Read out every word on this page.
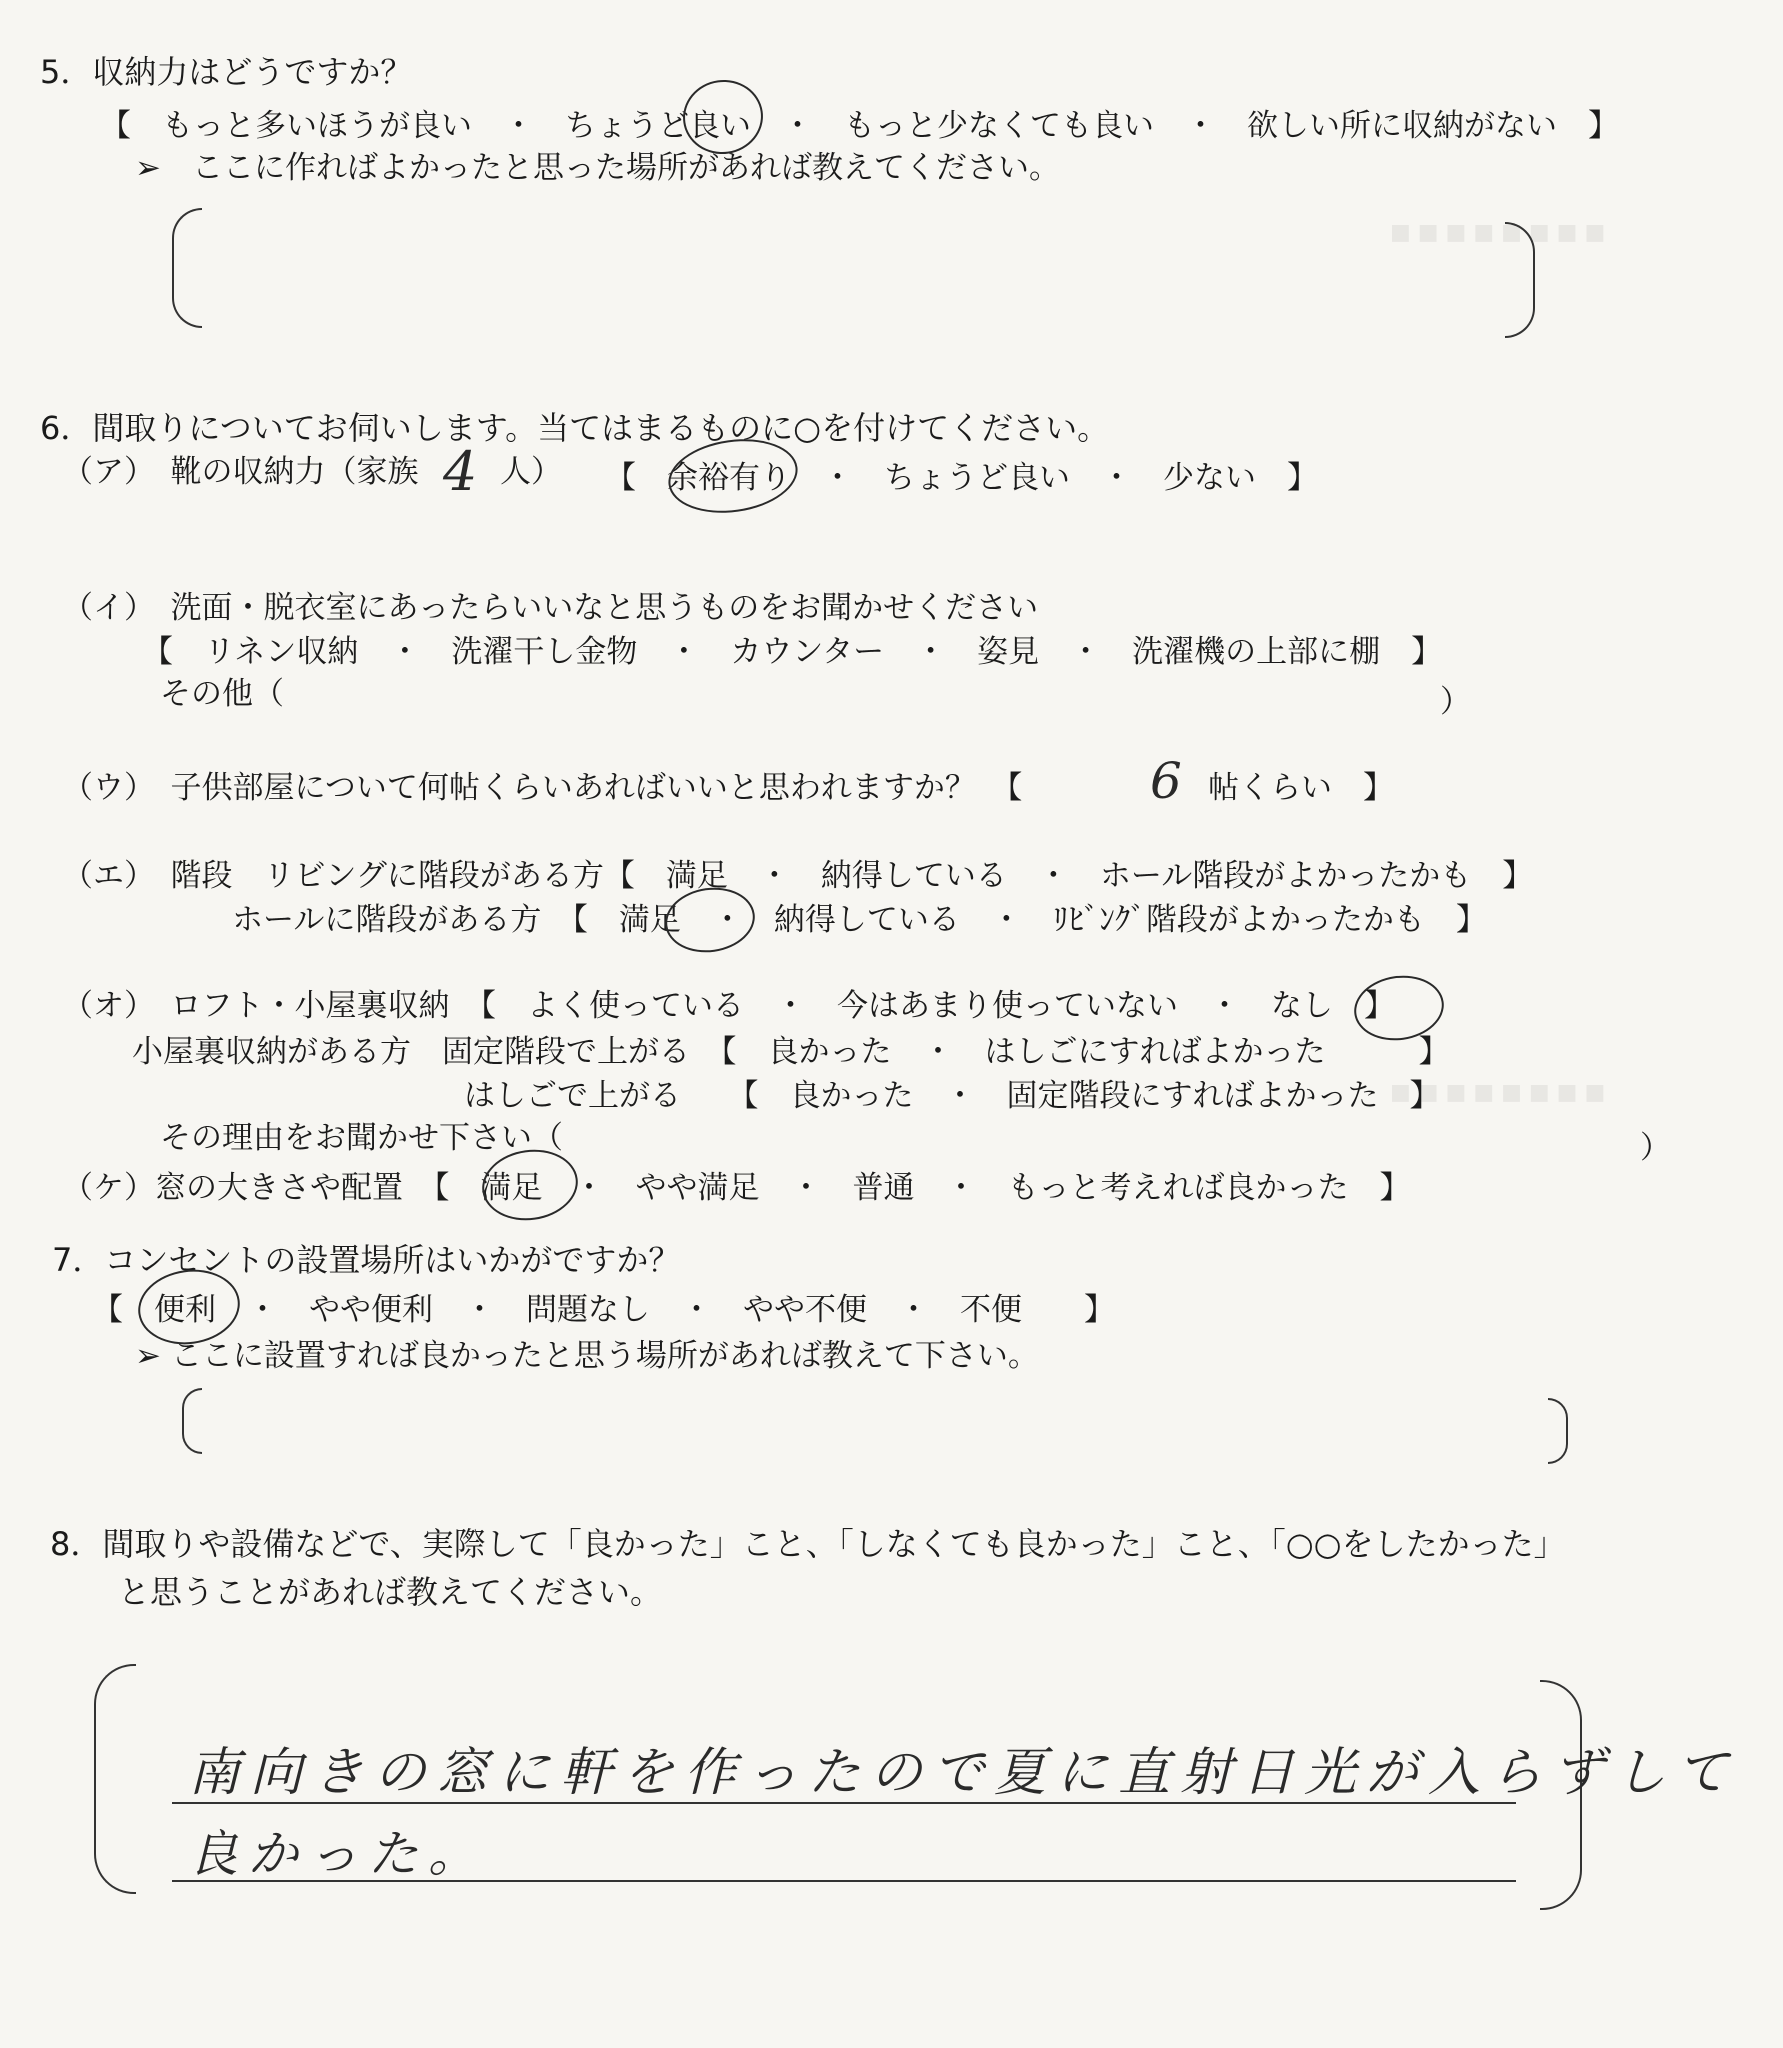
■ ■ ■ ■ ■ ■ ■ ■
■ ■ ■ ■ ■ ■ ■ ■
5．収納力はどうですか？
【　もっと多いほうが良い　・　ちょうど良い　・　もっと少なくても良い　・　欲しい所に収納がない　】
➢　ここに作ればよかったと思った場所があれば教えてください。
6．間取りについてお伺いします。当てはまるものに○を付けてください。
（ア）　靴の収納力（家族 4 人） 【　余裕有り　・　ちょうど良い　・　少ない　】
（イ）　洗面・脱衣室にあったらいいなと思うものをお聞かせください
【　リネン収納　・　洗濯干し金物　・　カウンター　・　姿見　・　洗濯機の上部に棚　】
その他（	）
（ウ）　子供部屋について何帖くらいあればいいと思われますか？　【	6 帖くらい　】
（エ）　階段　リビングに階段がある方【　満足　・　納得している　・　ホール階段がよかったかも　】
ホールに階段がある方　【　満足　・　納得している　・　ﾘﾋﾞﾝｸﾞ階段がよかったかも　】
（オ）　ロフト・小屋裏収納　【　よく使っている　・　今はあまり使っていない　・　なし　】
小屋裏収納がある方　固定階段で上がる　【　良かった　・　はしごにすればよかった　　　】
はしごで上がる　　【　良かった　・　固定階段にすればよかった　】
その理由をお聞かせ下さい（	）
（ケ）窓の大きさや配置　【　満足　・　やや満足　・　普通　・　もっと考えれば良かった　】
7．コンセントの設置場所はいかがですか？
【　便利　・　やや便利　・　問題なし　・　やや不便　・　不便　　】
➢ ここに設置すれば良かったと思う場所があれば教えて下さい。
8．間取りや設備などで、実際して「良かった」こと、「しなくても良かった」こと、「○○をしたかった」
と思うことがあれば教えてください。
南向きの窓に軒を作ったので夏に直射日光が入らずして
良かった。
